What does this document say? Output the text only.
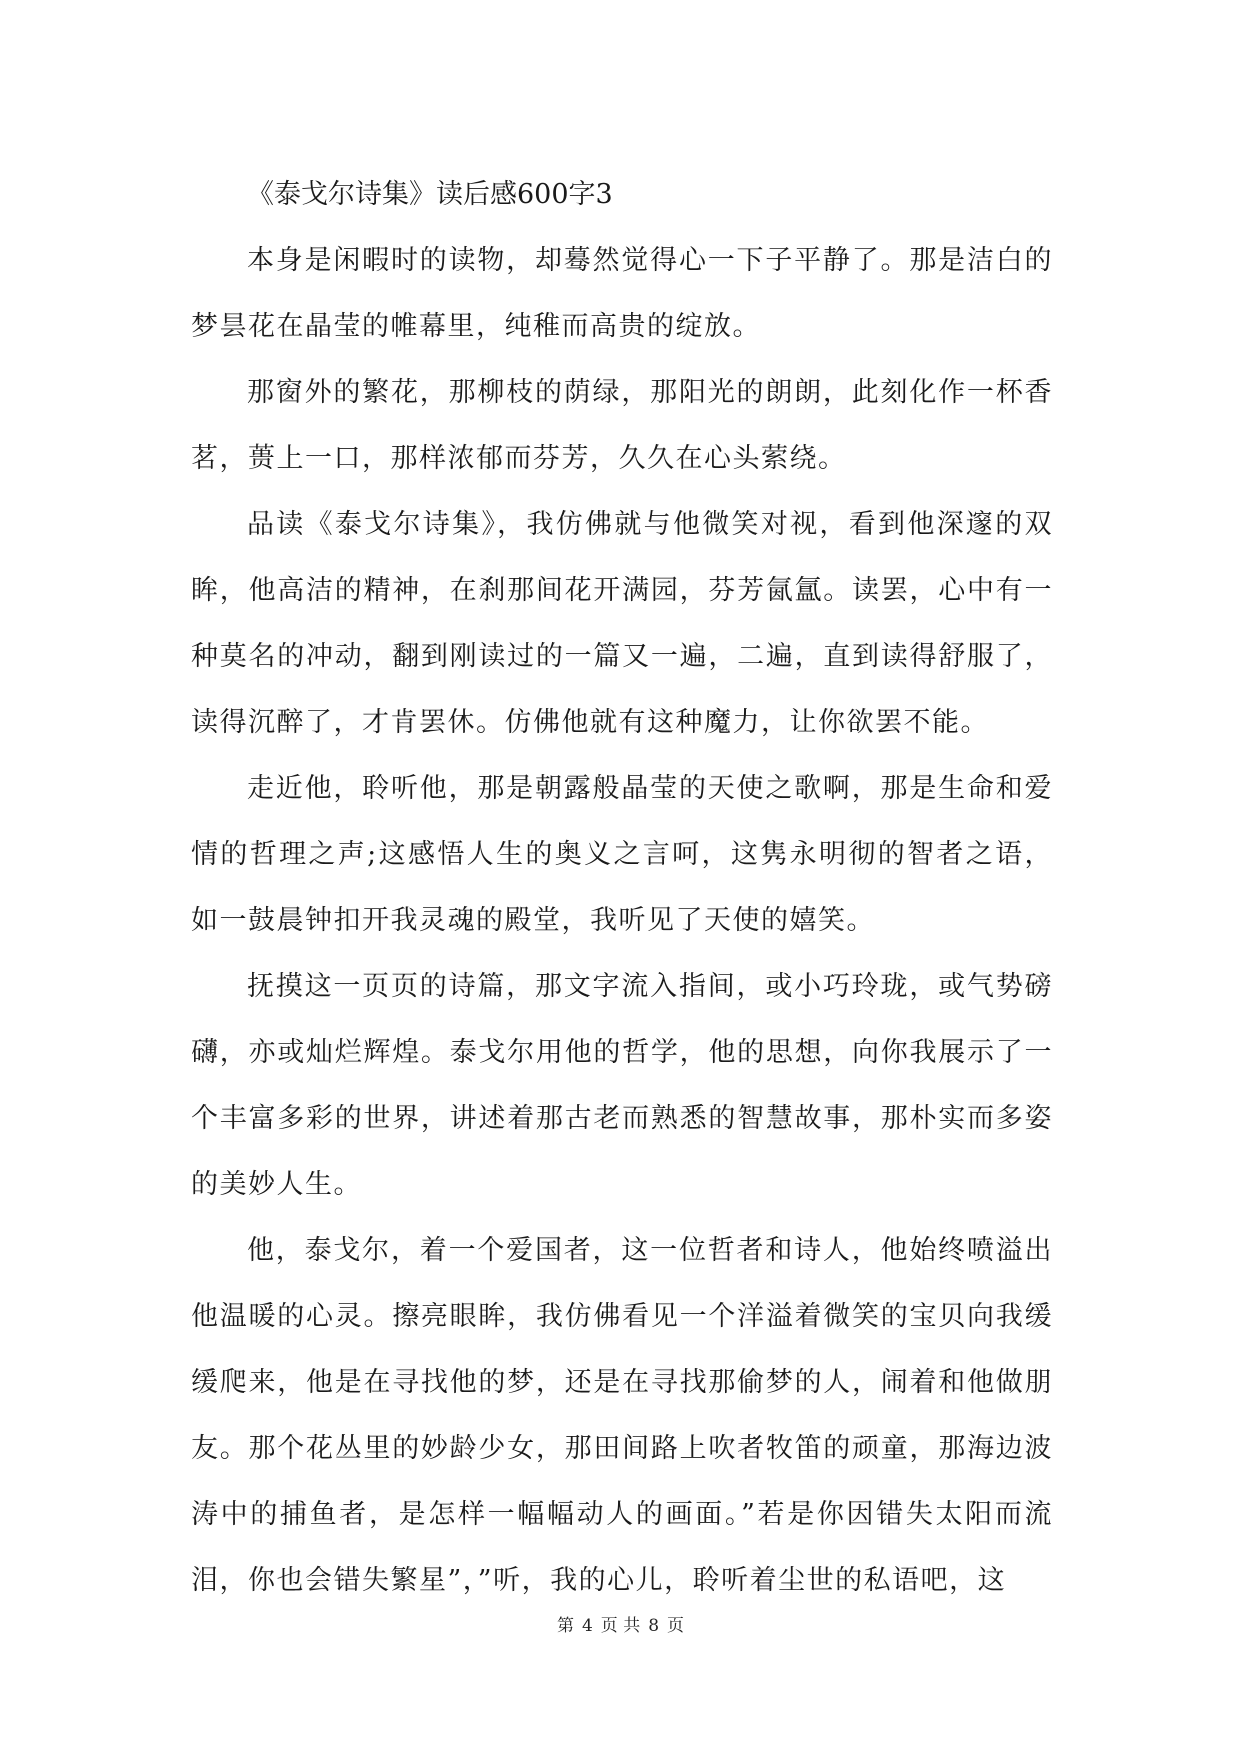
《泰戈尔诗集》读后感600字3

本身是闲暇时的读物，却蓦然觉得心一下子平静了。那是洁白的梦昙花在晶莹的帷幕里，纯稚而高贵的绽放。

那窗外的繁花，那柳枝的荫绿，那阳光的朗朗，此刻化作一杯香茗，蒉上一口，那样浓郁而芬芳，久久在心头萦绕。

品读《泰戈尔诗集》，我仿佛就与他微笑对视，看到他深邃的双眸，他高洁的精神，在刹那间花开满园，芬芳氤氲。读罢，心中有一种莫名的冲动，翻到刚读过的一篇又一遍，二遍，直到读得舒服了，读得沉醉了，才肯罢休。仿佛他就有这种魔力，让你欲罢不能。

走近他，聆听他，那是朝露般晶莹的天使之歌啊，那是生命和爱情的哲理之声;这感悟人生的奥义之言呵，这隽永明彻的智者之语，如一鼓晨钟扣开我灵魂的殿堂，我听见了天使的嬉笑。

抚摸这一页页的诗篇，那文字流入指间，或小巧玲珑，或气势磅礴，亦或灿烂辉煌。泰戈尔用他的哲学，他的思想，向你我展示了一个丰富多彩的世界，讲述着那古老而熟悉的智慧故事，那朴实而多姿的美妙人生。

他，泰戈尔，着一个爱国者，这一位哲者和诗人，他始终喷溢出他温暖的心灵。擦亮眼眸，我仿佛看见一个洋溢着微笑的宝贝向我缓缓爬来，他是在寻找他的梦，还是在寻找那偷梦的人，闹着和他做朋友。那个花丛里的妙龄少女，那田间路上吹者牧笛的顽童，那海边波涛中的捕鱼者，是怎样一幅幅动人的画面。”若是你因错失太阳而流泪，你也会错失繁星”，”听，我的心儿，聆听着尘世的私语吧，这

第 4 页 共 8 页
